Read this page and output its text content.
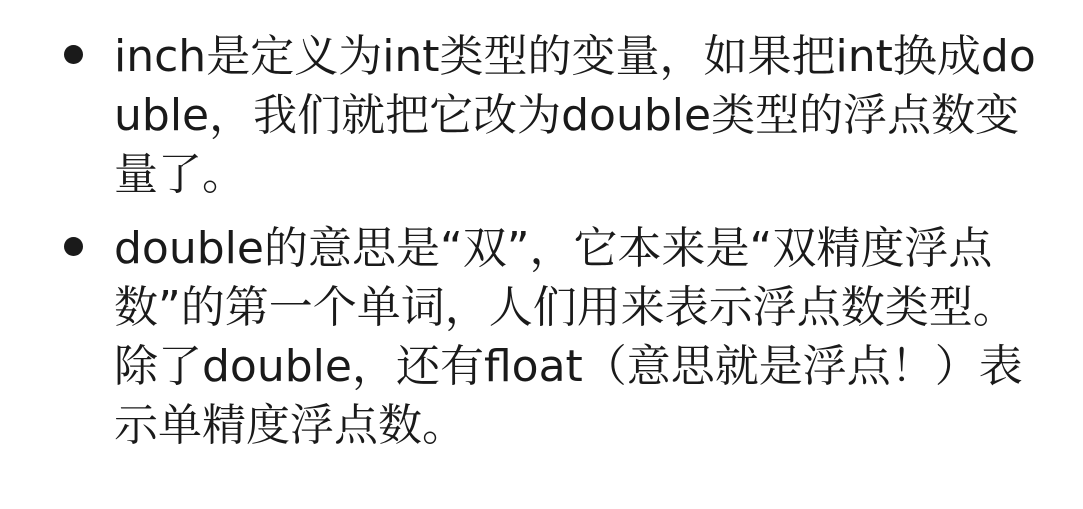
inch是定义为int类型的变量，如果把int换成double，我们就把它改为double类型的浮点数变量了。
double的意思是“双”，它本来是“双精度浮点数”的第一个单词，人们用来表示浮点数类型。除了double，还有float（意思就是浮点！）表示单精度浮点数。
